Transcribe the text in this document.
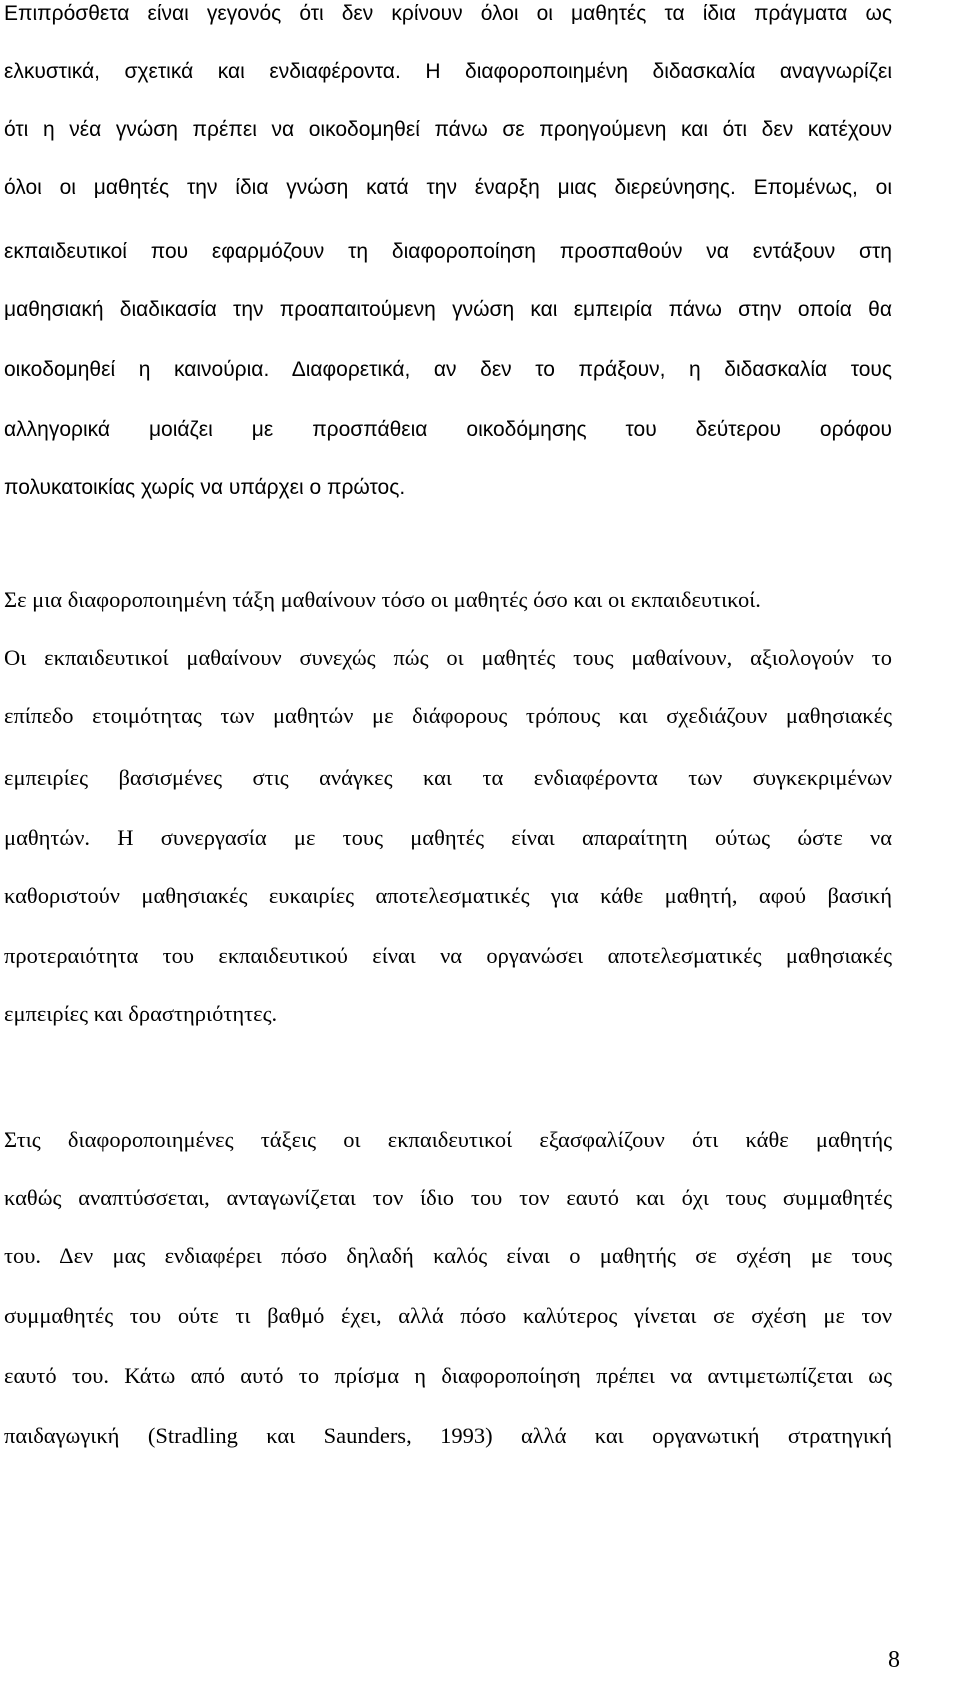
Επιπρόσθετα είναι γεγονός ότι δεν κρίνουν όλοι οι μαθητές τα ίδια πράγματα ως
ελκυστικά, σχετικά και ενδιαφέροντα. Η διαφοροποιημένη διδασκαλία αναγνωρίζει
ότι η νέα γνώση πρέπει να οικοδομηθεί πάνω σε προηγούμενη και ότι δεν κατέχουν
όλοι οι μαθητές την ίδια γνώση κατά την έναρξη μιας διερεύνησης. Επομένως, οι
εκπαιδευτικοί που εφαρμόζουν τη διαφοροποίηση προσπαθούν να εντάξουν στη
μαθησιακή διαδικασία την προαπαιτούμενη γνώση και εμπειρία πάνω στην οποία θα
οικοδομηθεί η καινούρια. Διαφορετικά, αν δεν το πράξουν, η διδασκαλία τους
αλληγορικά μοιάζει με προσπάθεια οικοδόμησης του δεύτερου ορόφου
πολυκατοικίας χωρίς να υπάρχει ο πρώτος.
Σε μια διαφοροποιημένη τάξη μαθαίνουν τόσο οι μαθητές όσο και οι εκπαιδευτικοί.
Οι εκπαιδευτικοί μαθαίνουν συνεχώς πώς οι μαθητές τους μαθαίνουν, αξιολογούν το
επίπεδο ετοιμότητας των μαθητών με διάφορους τρόπους και σχεδιάζουν μαθησιακές
εμπειρίες βασισμένες στις ανάγκες και τα ενδιαφέροντα των συγκεκριμένων
μαθητών. Η συνεργασία με τους μαθητές είναι απαραίτητη ούτως ώστε να
καθοριστούν μαθησιακές ευκαιρίες αποτελεσματικές για κάθε μαθητή, αφού βασική
προτεραιότητα του εκπαιδευτικού είναι να οργανώσει αποτελεσματικές μαθησιακές
εμπειρίες και δραστηριότητες.
Στις διαφοροποιημένες τάξεις οι εκπαιδευτικοί εξασφαλίζουν ότι κάθε μαθητής
καθώς αναπτύσσεται, ανταγωνίζεται τον ίδιο του τον εαυτό και όχι τους συμμαθητές
του. Δεν μας ενδιαφέρει πόσο δηλαδή καλός είναι ο μαθητής σε σχέση με τους
συμμαθητές του ούτε τι βαθμό έχει, αλλά πόσο καλύτερος γίνεται σε σχέση με τον
εαυτό του. Κάτω από αυτό το πρίσμα η διαφοροποίηση πρέπει να αντιμετωπίζεται ως
παιδαγωγική (Stradling και Saunders, 1993) αλλά και οργανωτική στρατηγική
8
